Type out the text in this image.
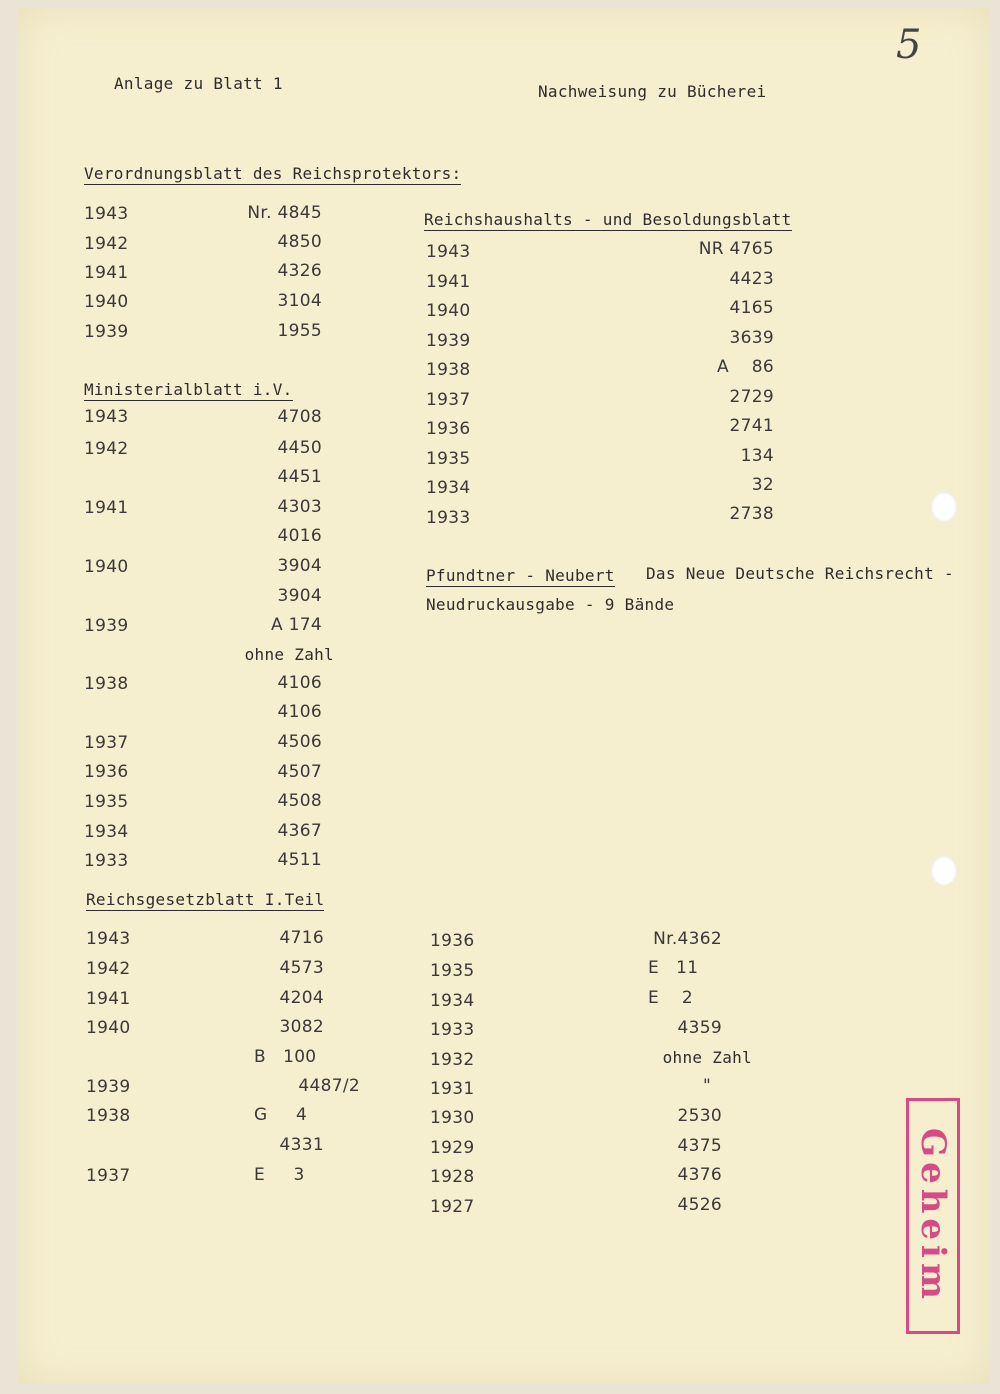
5
Anlage zu Blatt 1	Nachweisung zu Bücherei
Verordnungsblatt des Reichsprotektors:
1943	Nr. 4845
1942	4850
1941	4326
1940	3104
1939	1955
Ministerialblatt i.V.
1943	4708
1942	4450
4451
1941	4303
4016
1940	3904
3904
1939	A 174
ohne Zahl
1938	4106
4106
1937	4506
1936	4507
1935	4508
1934	4367
1933	4511
Reichshaushalts - und Besoldungsblatt
1943	NR 4765
1941	4423
1940	4165
1939	3639
1938	A    86
1937	2729
1936	2741
1935	134
1934	32
1933	2738
Pfundtner - Neubert Das Neue Deutsche Reichsrecht -
Neudruckausgabe - 9 Bände
Reichsgesetzblatt I.Teil
1943	4716
1942	4573
1941	4204
1940	3082
B   100
1939	4487/2
1938	G     4
4331
1937	E     3
1936	Nr.4362
1935	E   11
1934	E    2
1933	4359
1932	ohne Zahl
1931	"
1930	2530
1929	4375
1928	4376
1927	4526	Geheim
